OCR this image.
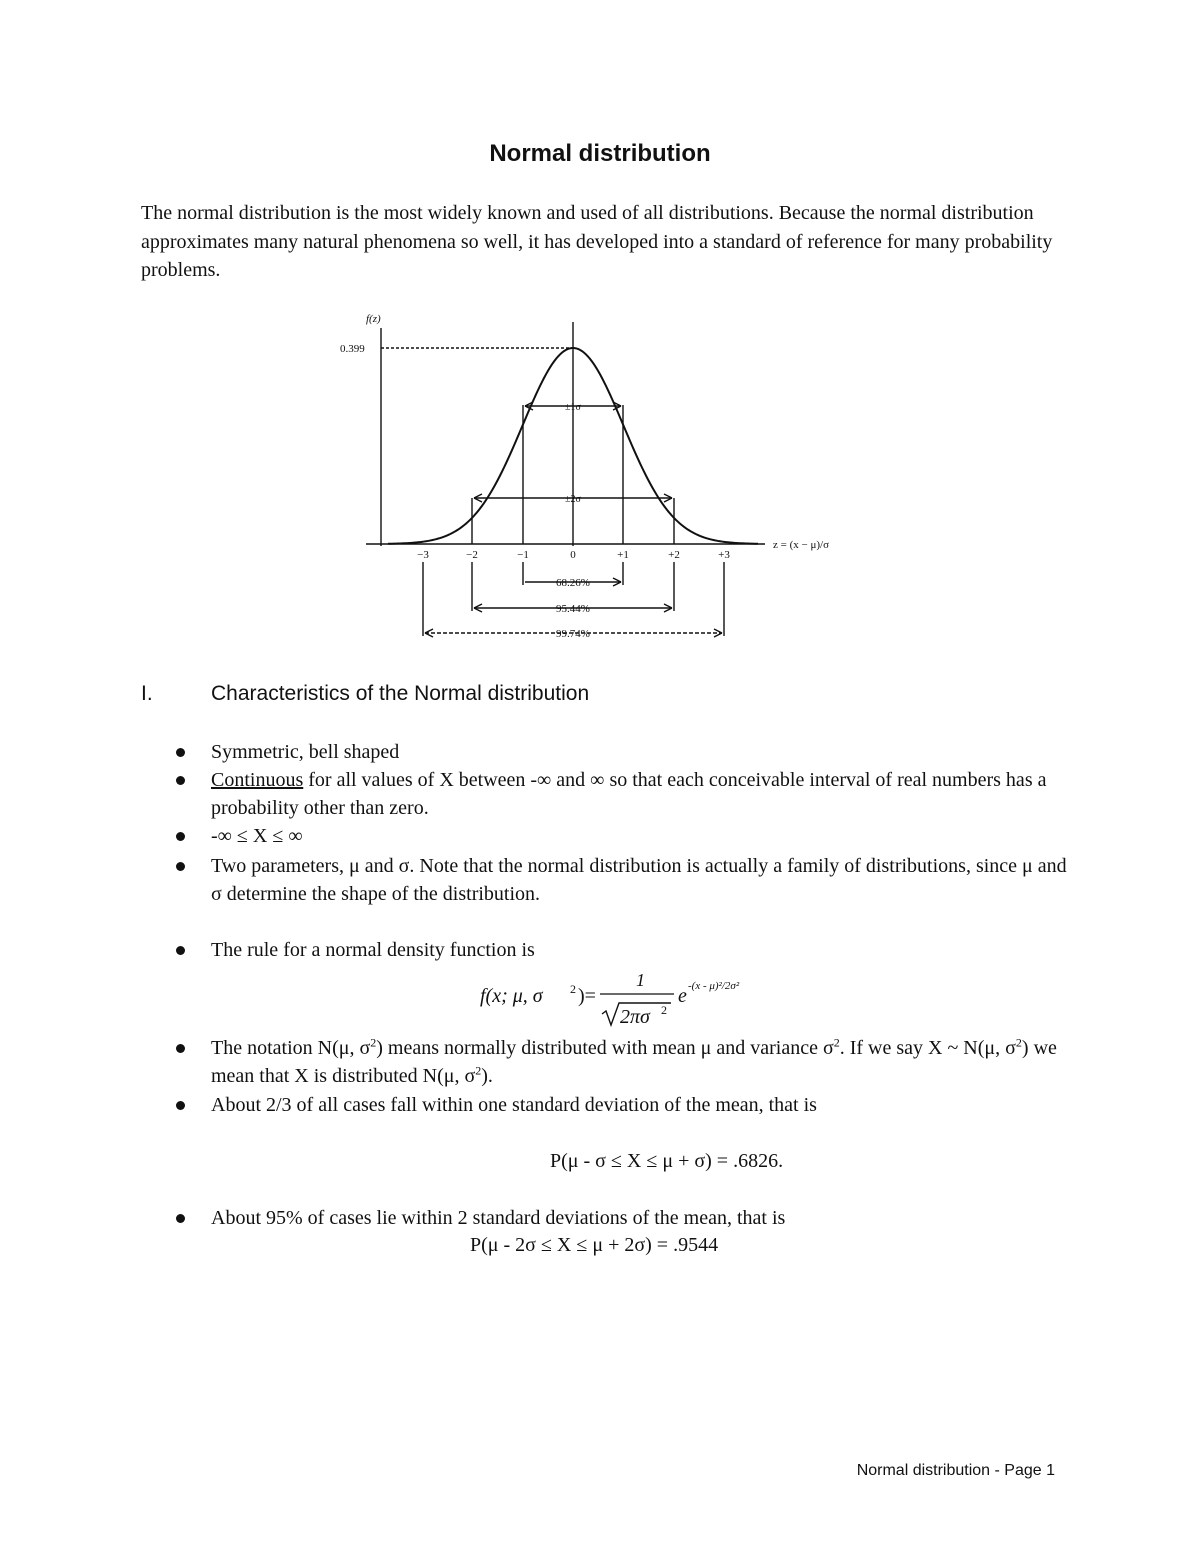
Normal distribution
The normal distribution is the most widely known and used of all distributions. Because the normal distribution approximates many natural phenomena so well, it has developed into a standard of reference for many probability problems.
f(z)
0.399
−3	−2	−1	0	+1	+2	+3
z = (x − μ)/σ
±1σ
±2σ
68.26%
95.44%
99.74%
I.	Characteristics of the Normal distribution
Symmetric, bell shaped
Continuous for all values of X between -∞ and ∞ so that each conceivable interval of real numbers has a probability other than zero.
-∞ ≤ X ≤ ∞
Two parameters, μ and σ. Note that the normal distribution is actually a family of distributions, since μ and σ determine the shape of the distribution.
The rule for a normal density function is
f(x; μ, σ 2 )=
1
2πσ 2
e -(x - μ)²/2σ²
The notation N(μ, $\sigma^2$) means normally distributed with mean μ and variance $\sigma^2$. If we say X ~ N(μ, $\sigma^2$) we mean that X is distributed N(μ, $\sigma^2$).
About 2/3 of all cases fall within one standard deviation of the mean, that is
P(μ - σ ≤ X ≤ μ + σ) = .6826.
About 95% of cases lie within 2 standard deviations of the mean, that is
P(μ - 2σ ≤ X ≤ μ + 2σ) = .9544
Normal distribution - Page 1
